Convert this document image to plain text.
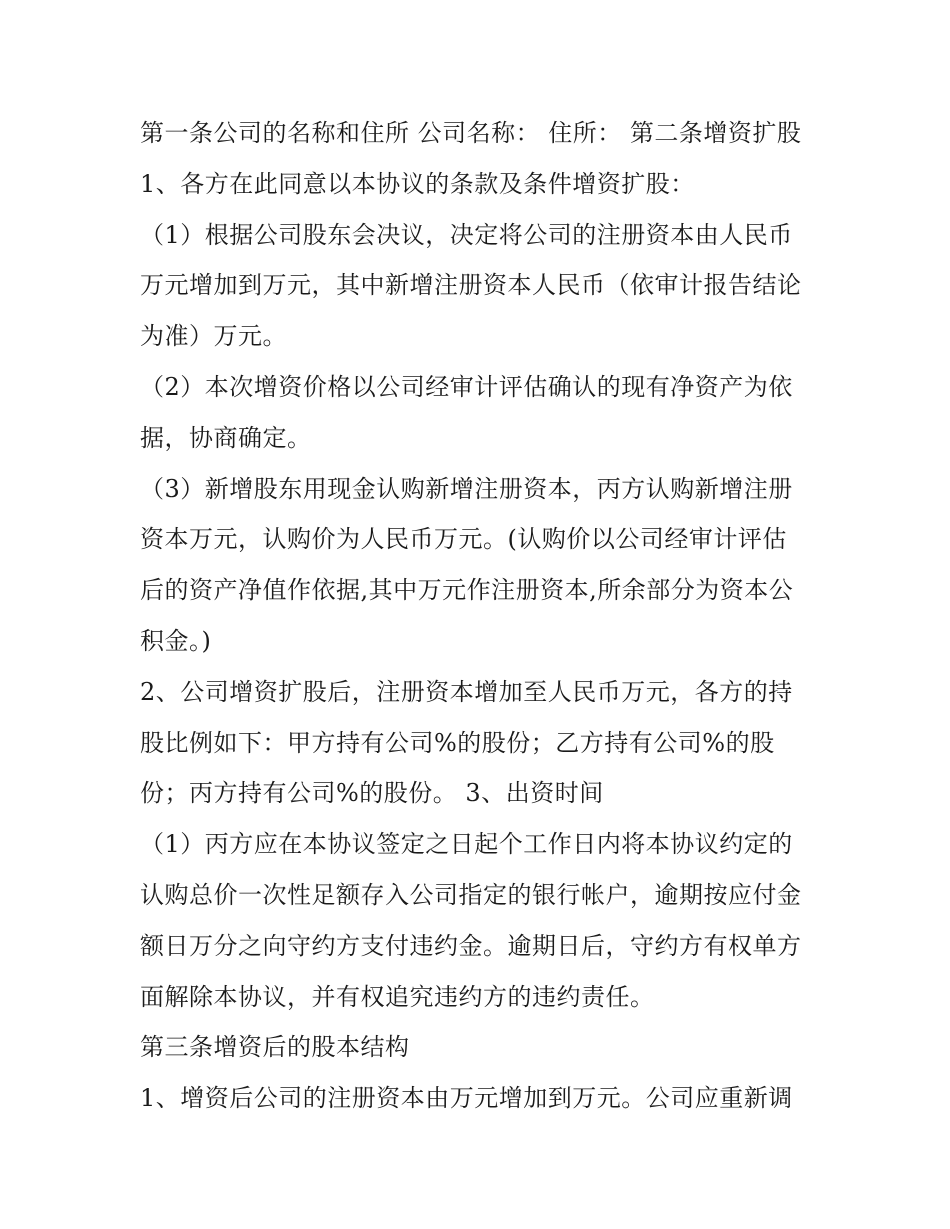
第一条公司的名称和住所 公司名称： 住所： 第二条增资扩股
1、各方在此同意以本协议的条款及条件增资扩股：
（1）根据公司股东会决议，决定将公司的注册资本由人民币
万元增加到万元，其中新增注册资本人民币（依审计报告结论
为准）万元。
（2）本次增资价格以公司经审计评估确认的现有净资产为依
据，协商确定。
（3）新增股东用现金认购新增注册资本，丙方认购新增注册
资本万元，认购价为人民币万元。(认购价以公司经审计评估
后的资产净值作依据,其中万元作注册资本,所余部分为资本公
积金。)
2、公司增资扩股后，注册资本增加至人民币万元，各方的持
股比例如下：甲方持有公司%的股份；乙方持有公司%的股
份；丙方持有公司%的股份。 3、出资时间
（1）丙方应在本协议签定之日起个工作日内将本协议约定的
认购总价一次性足额存入公司指定的银行帐户，逾期按应付金
额日万分之向守约方支付违约金。逾期日后，守约方有权单方
面解除本协议，并有权追究违约方的违约责任。
第三条增资后的股本结构
1、增资后公司的注册资本由万元增加到万元。公司应重新调
